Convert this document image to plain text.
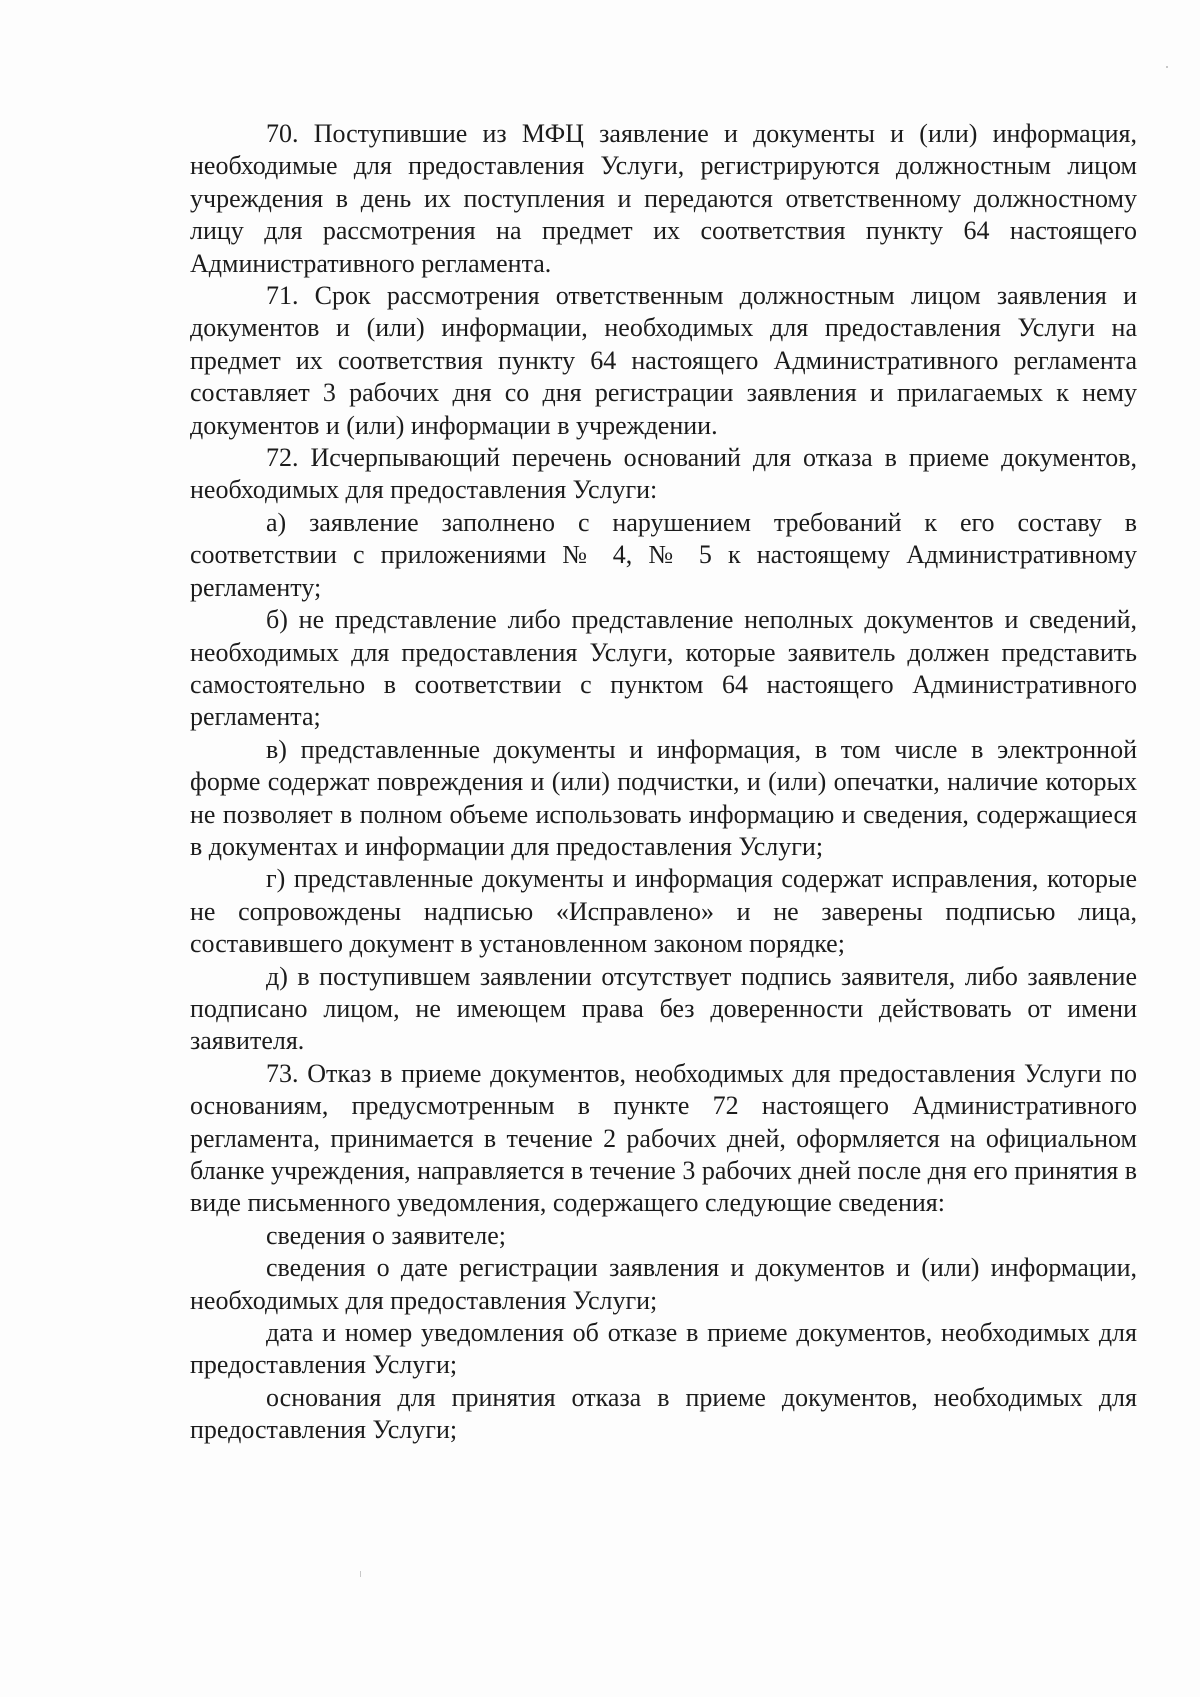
70. Поступившие из МФЦ заявление и документы и (или) информация, необходимые для предоставления Услуги, регистрируются должностным лицом учреждения в день их поступления и передаются ответственному должностному лицу для рассмотрения на предмет их соответствия пункту 64 настоящего Административного регламента.

71. Срок рассмотрения ответственным должностным лицом заявления и документов и (или) информации, необходимых для предоставления Услуги на предмет их соответствия пункту 64 настоящего Административного регламента составляет 3 рабочих дня со дня регистрации заявления и прилагаемых к нему документов и (или) информации в учреждении.

72. Исчерпывающий перечень оснований для отказа в приеме документов, необходимых для предоставления Услуги:

а) заявление заполнено с нарушением требований к его составу в соответствии с приложениями № 4, № 5 к настоящему Административному регламенту;

б) не представление либо представление неполных документов и сведений, необходимых для предоставления Услуги, которые заявитель должен представить самостоятельно в соответствии с пунктом 64 настоящего Административного регламента;

в) представленные документы и информация, в том числе в электронной форме содержат повреждения и (или) подчистки, и (или) опечатки, наличие которых не позволяет в полном объеме использовать информацию и сведения, содержащиеся в документах и информации для предоставления Услуги;

г) представленные документы и информация содержат исправления, которые не сопровождены надписью «Исправлено» и не заверены подписью лица, составившего документ в установленном законом порядке;

д) в поступившем заявлении отсутствует подпись заявителя, либо заявление подписано лицом, не имеющем права без доверенности действовать от имени заявителя.

73. Отказ в приеме документов, необходимых для предоставления Услуги по основаниям, предусмотренным в пункте 72 настоящего Административного регламента, принимается в течение 2 рабочих дней, оформляется на официальном бланке учреждения, направляется в течение 3 рабочих дней после дня его принятия в виде письменного уведомления, содержащего следующие сведения:

сведения о заявителе;

сведения о дате регистрации заявления и документов и (или) информации, необходимых для предоставления Услуги;

дата и номер уведомления об отказе в приеме документов, необходимых для предоставления Услуги;

основания для принятия отказа в приеме документов, необходимых для предоставления Услуги;
